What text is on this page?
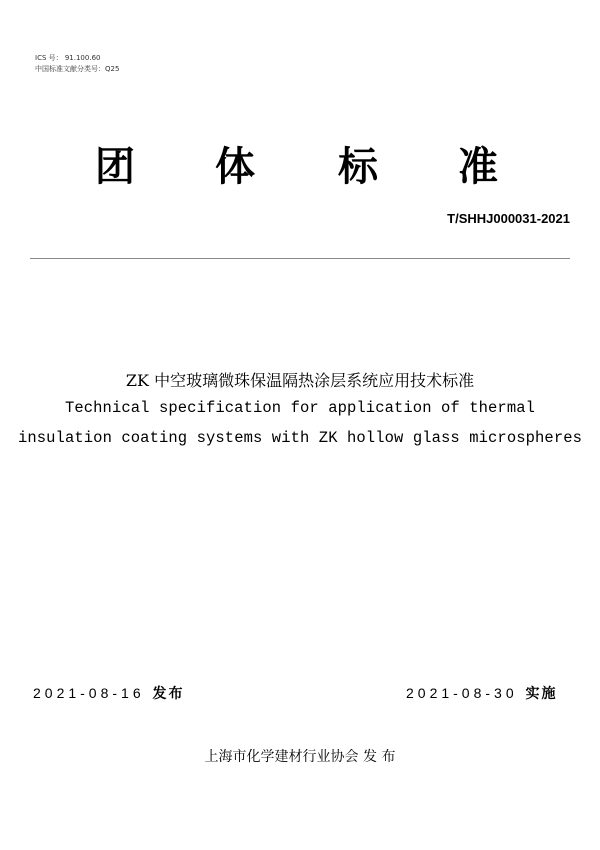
ICS 号： 91.100.60
中国标准文献分类号：Q25
团 体 标 准
T/SHHJ000031-2021
ZK 中空玻璃微珠保温隔热涂层系统应用技术标准
Technical specification for application of thermal
insulation coating systems with ZK hollow glass microspheres
2021-08-16 发布	2021-08-30 实施
上海市化学建材行业协会 发 布
